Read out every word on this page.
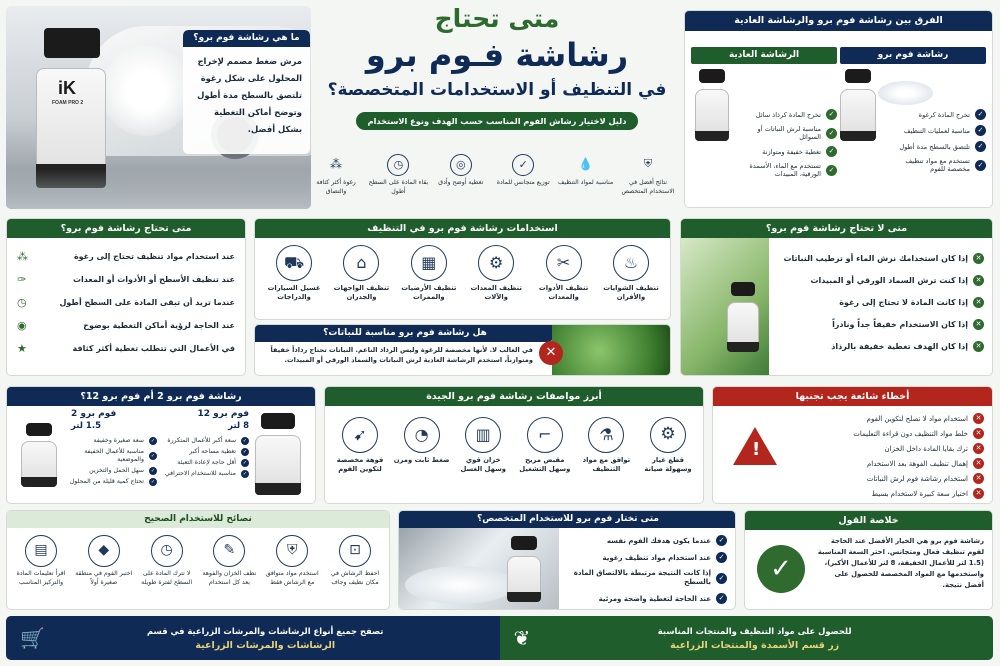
iK
FOAM PRO 2
ما هي رشاشة فوم برو؟
مرش ضغط مصمم لإخراج المحلول على شكل رغوة تلتصق بالسطح مدة أطول وتوضح أماكن التغطية بشكل أفضل.
متى تحتاج
رشاشة فـوم برو
في التنظيف أو الاستخدامات المتخصصة؟
دليل لاختيار رشاش الفوم المناسب حسب الهدف ونوع الاستخدام
⛨
نتائج أفضل في الاستخدام المتخصص
💧
مناسبة لمواد التنظيف
✓
توزيع متجانس للمادة
◎
تغطية أوضح وأدق
◷
بقاء المادة على السطح أطول
⁂
رغوة أكثر كثافة والتصاق
الفرق بين رشاشة فوم برو والرشاشة العادية
رشاشة فوم برو
✓
تخرج المادة كرغوة
✓
مناسبة لعمليات التنظيف
✓
تلتصق بالسطح مدة أطول
✓
تستخدم مع مواد تنظيف مخصصة للفوم
الرشاشة العادية
✓
تخرج المادة كرذاذ سائل
✓
مناسبة لرش النباتات أو السوائل
✓
تغطية خفيفة ومتوازنة
✓
تستخدم مع الماء، الأسمدة الورقية، المبيدات
متى لا تحتاج رشاشة فوم برو؟
✕
إذا كان استخدامك نرش الماء أو ترطيب النباتات
✕
إذا كنت ترش السماد الورقي أو المبيدات
✕
إذا كانت المادة لا تحتاج إلى رغوة
✕
إذا كان الاستخدام خفيفاً جداً ونادراً
✕
إذا كان الهدف تغطية خفيفة بالرذاذ
استخدامات رشاشة فوم برو في التنظيف
♨
تنظيف الشوايات والأفران
✂
تنظيف الأدوات والمعدات
⚙
تنظيف المعدات والآلات
▦
تنظيف الأرضيات والممرات
⌂
تنظيف الواجهات والجدران
⛟
غسيل السيارات والدراجات
هل رشاشة فوم برو مناسبة للنباتات؟
✕
في الغالب لا. لأنها مخصصة للرغوة وليس الرذاذ الناعم. النباتات تحتاج رذاذاً خفيفاً ومتوازناً، استخدم الرشاشة العادية لرش النباتات والسماد الورقي أو المبيدات.
متى تحتاج رشاشة فوم برو؟
عند استخدام مواد تنظيف تحتاج إلى رغوة
⁂
عند تنظيف الأسطح أو الأدوات أو المعدات
✑
عندما تريد أن تبقى المادة على السطح أطول
◷
عند الحاجة لرؤية أماكن التغطية بوضوح
◉
في الأعمال التي تتطلب تغطية أكثر كثافة
★
أخطاء شائعة يجب تجنبها
!
✕
استخدام مواد لا تصلح لتكوين الفوم
✕
خلط مواد التنظيف دون قراءة التعليمات
✕
ترك بقايا المادة داخل الخزان
✕
إهمال تنظيف الفوهة بعد الاستخدام
✕
استخدام رشاشة فوم لرش النباتات
✕
اختيار سعة كبيرة لاستخدام بسيط
أبرز مواصفات رشاشة فوم برو الجيدة
⚙
قطع غيار وسهولة صيانة
⚗
توافق مع مواد التنظيف
⌐
مقبض مريح وسهل التشغيل
▥
خزان قوي وسهل الغسل
◔
ضغط ثابت ومرن
➹
فوهة مخصصة لتكوين الفوم
رشاشة فوم برو 2 أم فوم برو 12؟
فوم برو 12
8 لتر
✓
سعة أكبر للأعمال المتكررة
✓
تغطية مساحة أكبر
✓
أقل حاجة لإعادة التعبئة
✓
مناسبة للاستخدام الاحترافي
فوم برو 2
1.5 لتر
✓
سعة صغيرة وخفيفة
✓
مناسبة للأعمال الخفيفة والموضعية
✓
سهل الحمل والتخزين
✓
تحتاج كمية قليلة من المحلول
خلاصة القول
✓
رشاشة فوم برو هي الخيار الأفضل عند الحاجة لفوم تنظيف فعال ومتجانس. اختر السعة المناسبة (1.5 لتر للأعمال الخفيفة، 8 لتر للأعمال الأكبر)، واستخدمها مع المواد المخصصة للحصول على أفضل نتيجة.
متى تختار فوم برو للاستخدام المتخصص؟
✓
عندما يكون هدفك الفوم نفسه
✓
عند استخدام مواد تنظيف رغوية
✓
إذا كانت النتيجة مرتبطة بالالتصاق المادة بالسطح
✓
عند الحاجة لتغطية واضحة ومرئية
نصائح للاستخدام الصحيح
⊡
احفظ الرشاش في مكان نظيف وجاف
⛨
استخدم مواد متوافق مع الرشاش فقط
✎
نظف الخزان والفوهة بعد كل استخدام
◷
لا تترك المادة على السطح لفترة طويلة
◆
اختبر الفوم في منطقة صغيرة أولاً
▤
اقرأ تعليمات المادة والتركيز المناسب
للحصول على مواد التنظيف والمنتجات المناسبة
زر قسم الأسمدة والمنتجات الزراعية
❦
تصفح جميع أنواع الرشاشات والمرشات الزراعية في قسم
الرشاشات والمرشات الزراعية
🛒
